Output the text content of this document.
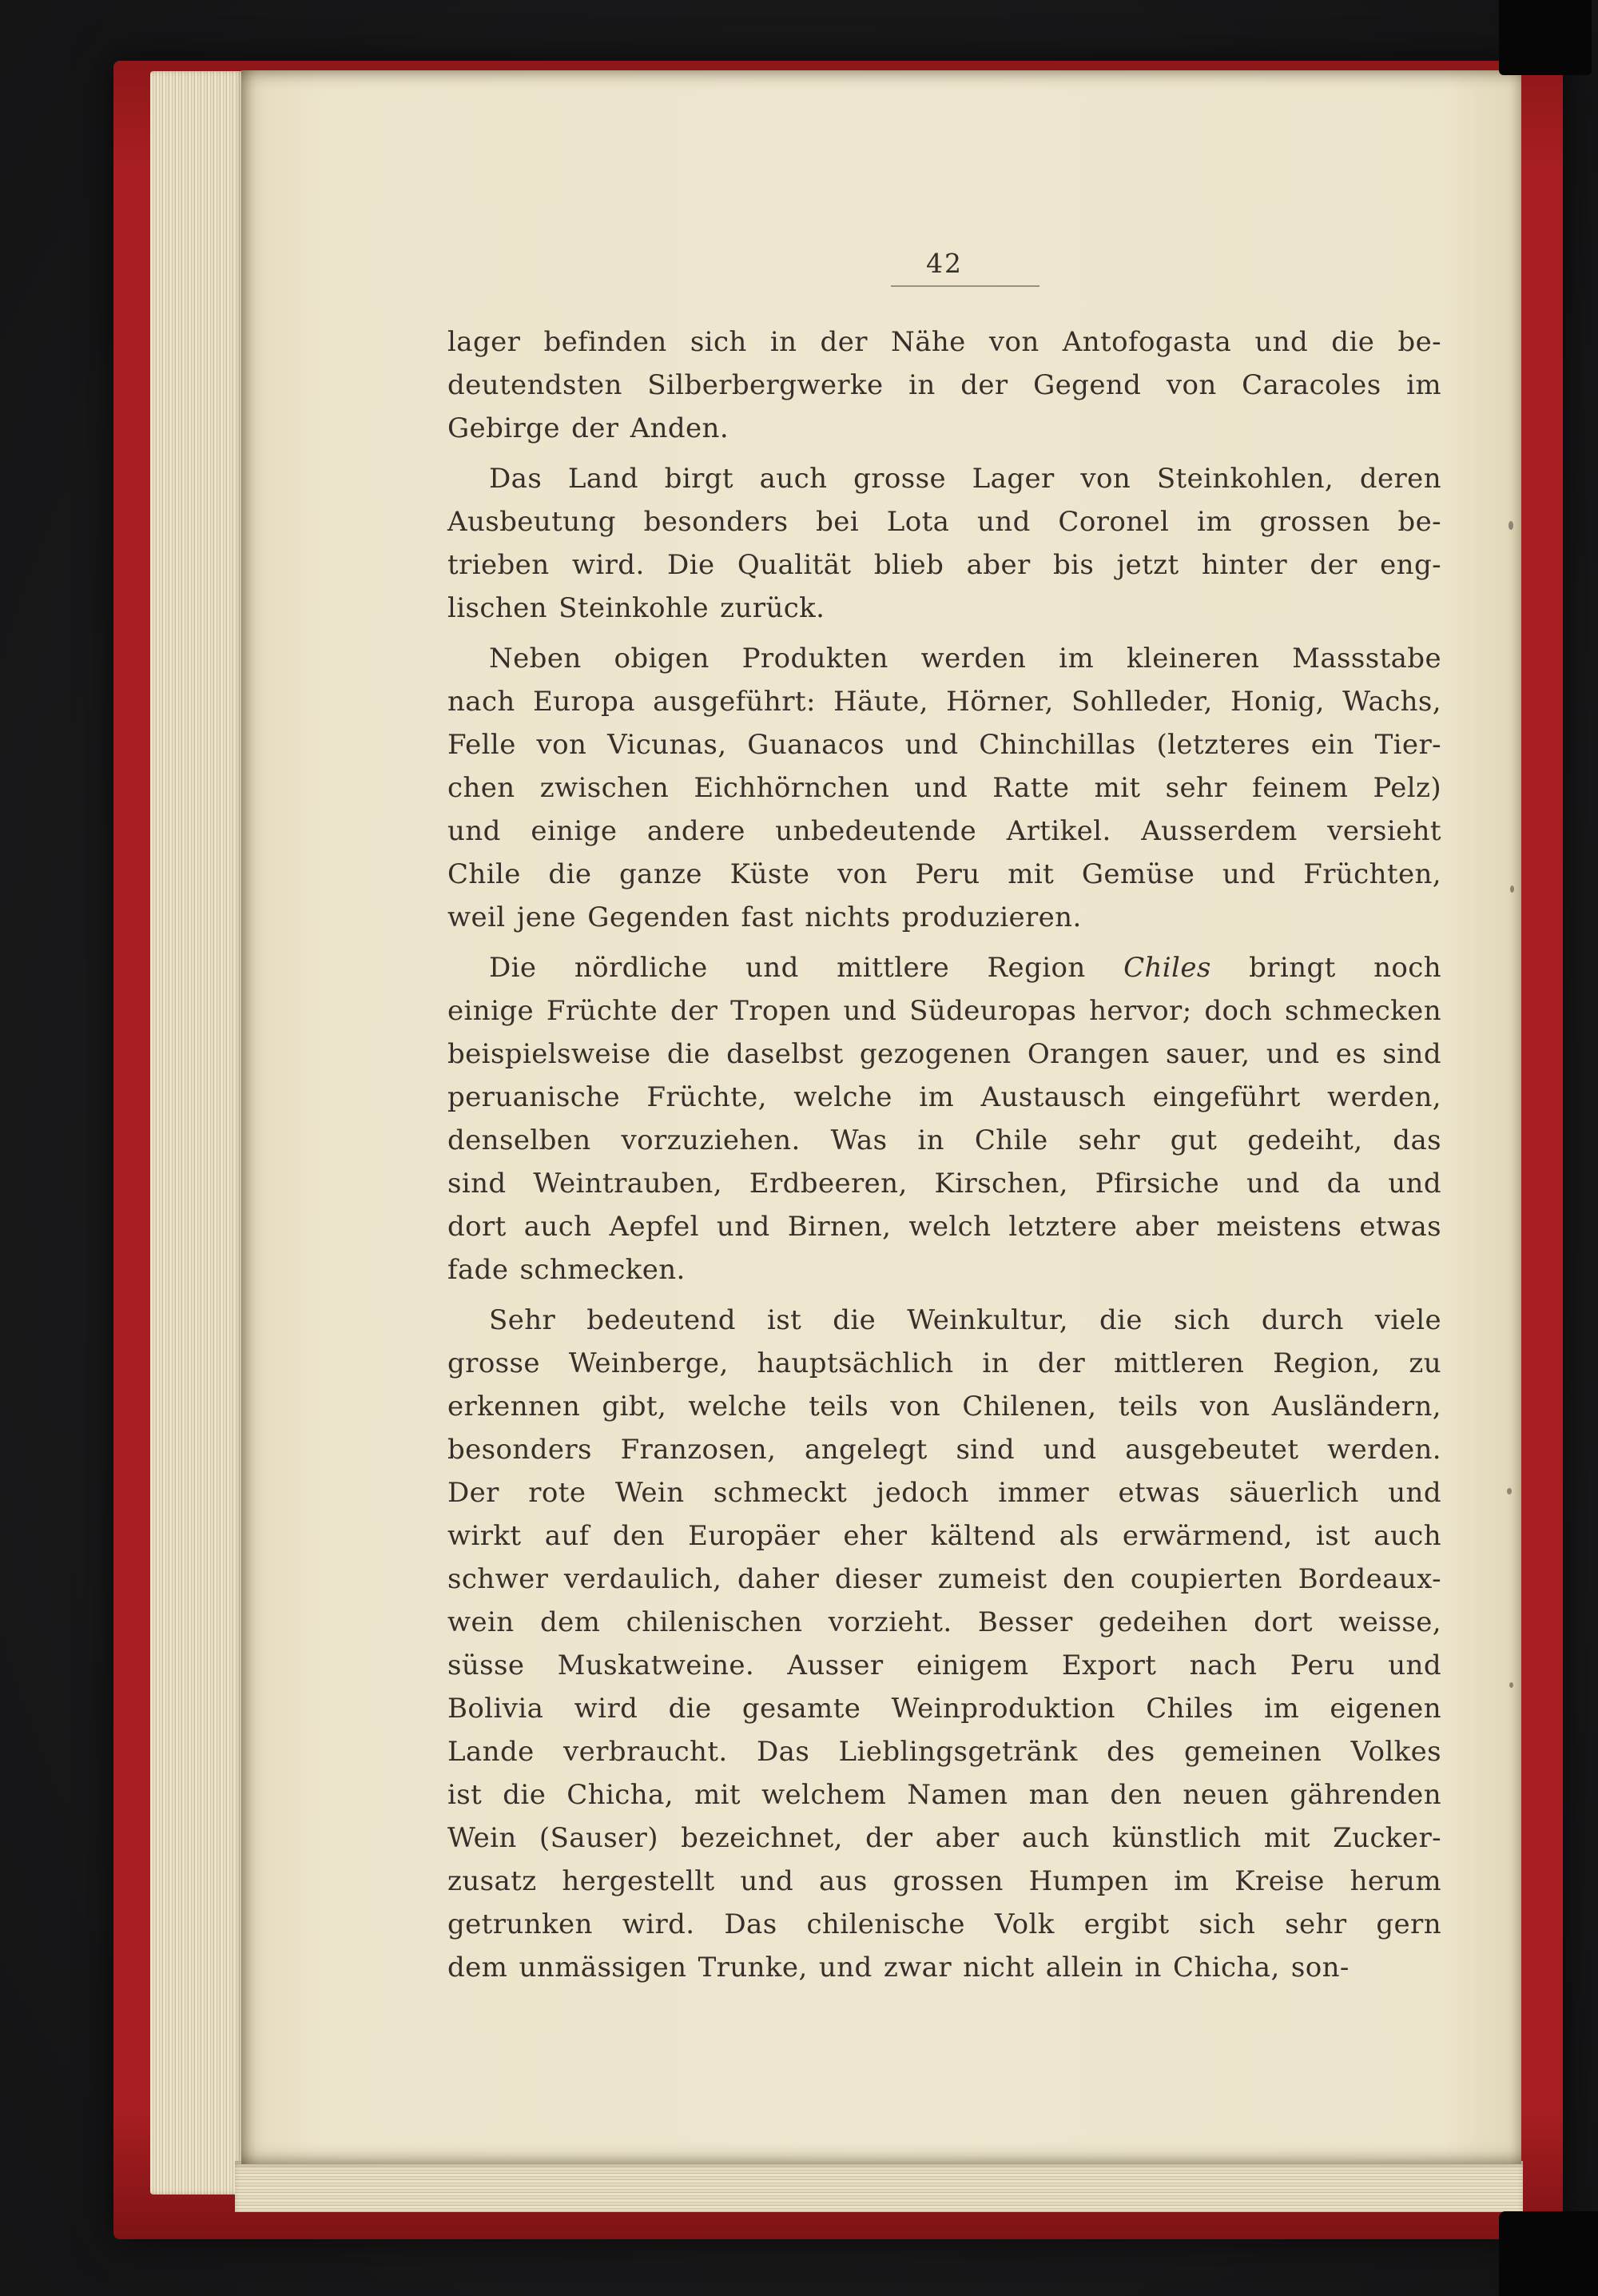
42
lager befinden sich in der Nähe von Antofogasta und die be-
deutendsten Silberbergwerke in der Gegend von Caracoles im
Gebirge der Anden.
Das Land birgt auch grosse Lager von Steinkohlen, deren
Ausbeutung besonders bei Lota und Coronel im grossen be-
trieben wird. Die Qualität blieb aber bis jetzt hinter der eng-
lischen Steinkohle zurück.
Neben obigen Produkten werden im kleineren Massstabe
nach Europa ausgeführt: Häute, Hörner, Sohlleder, Honig, Wachs,
Felle von Vicunas, Guanacos und Chinchillas (letzteres ein Tier-
chen zwischen Eichhörnchen und Ratte mit sehr feinem Pelz)
und einige andere unbedeutende Artikel. Ausserdem versieht
Chile die ganze Küste von Peru mit Gemüse und Früchten,
weil jene Gegenden fast nichts produzieren.
Die nördliche und mittlere Region Chiles bringt noch
einige Früchte der Tropen und Südeuropas hervor; doch schmecken
beispielsweise die daselbst gezogenen Orangen sauer, und es sind
peruanische Früchte, welche im Austausch eingeführt werden,
denselben vorzuziehen. Was in Chile sehr gut gedeiht, das
sind Weintrauben, Erdbeeren, Kirschen, Pfirsiche und da und
dort auch Aepfel und Birnen, welch letztere aber meistens etwas
fade schmecken.
Sehr bedeutend ist die Weinkultur, die sich durch viele
grosse Weinberge, hauptsächlich in der mittleren Region, zu
erkennen gibt, welche teils von Chilenen, teils von Ausländern,
besonders Franzosen, angelegt sind und ausgebeutet werden.
Der rote Wein schmeckt jedoch immer etwas säuerlich und
wirkt auf den Europäer eher kältend als erwärmend, ist auch
schwer verdaulich, daher dieser zumeist den coupierten Bordeaux-
wein dem chilenischen vorzieht. Besser gedeihen dort weisse,
süsse Muskatweine. Ausser einigem Export nach Peru und
Bolivia wird die gesamte Weinproduktion Chiles im eigenen
Lande verbraucht. Das Lieblingsgetränk des gemeinen Volkes
ist die Chicha, mit welchem Namen man den neuen gährenden
Wein (Sauser) bezeichnet, der aber auch künstlich mit Zucker-
zusatz hergestellt und aus grossen Humpen im Kreise herum
getrunken wird. Das chilenische Volk ergibt sich sehr gern
dem unmässigen Trunke, und zwar nicht allein in Chicha, son-
